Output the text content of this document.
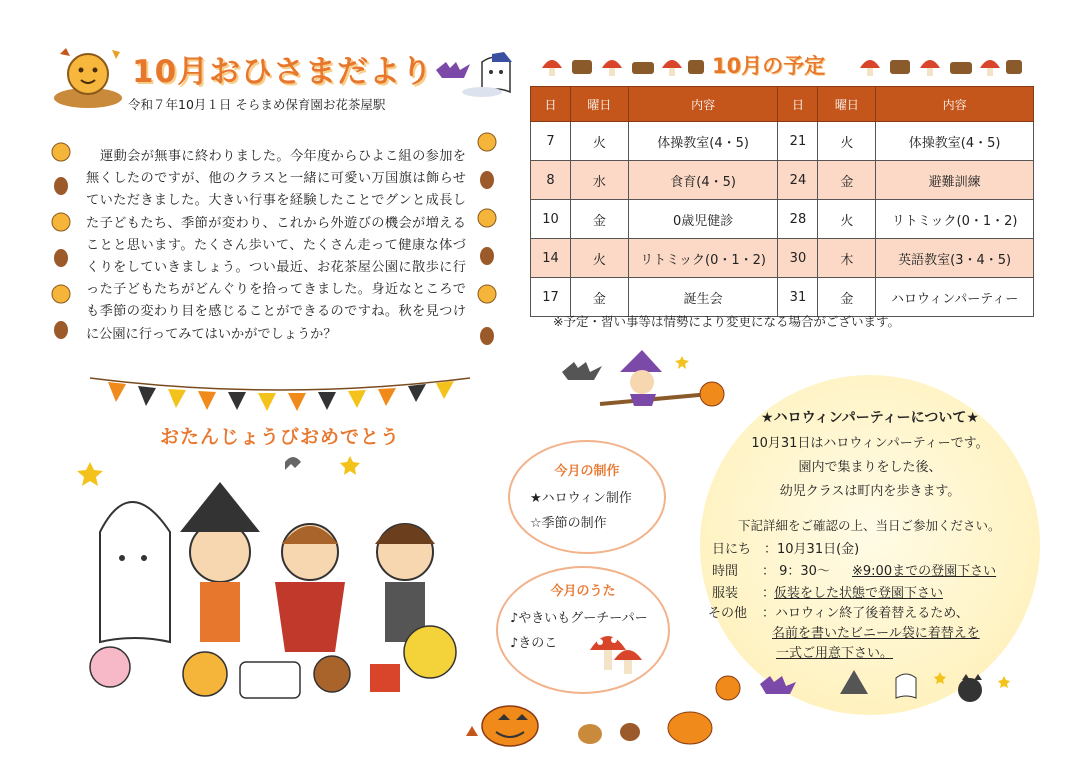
10月おひさまだより
令和７年10月１日 そらまめ保育園お花茶屋駅
運動会が無事に終わりました。今年度からひよこ組の参加を無くしたのですが、他のクラスと一緒に可愛い万国旗は飾らせていただきました。大きい行事を経験したことでグンと成長した子どもたち、季節が変わり、これから外遊びの機会が増えることと思います。たくさん歩いて、たくさん走って健康な体づくりをしていきましょう。つい最近、お花茶屋公園に散歩に行った子どもたちがどんぐりを拾ってきました。身近なところでも季節の変わり目を感じることができるのですね。秋を見つけに公園に行ってみてはいかがでしょうか？
10月の予定
日	曜日	内容	日	曜日	内容
7	火	体操教室(4・5)	21	火	体操教室(4・5)
8	水	食育(4・5)	24	金	避難訓練
10	金	0歳児健診	28	火	リトミック(0・1・2)
14	火	リトミック(0・1・2)	30	木	英語教室(3・4・5)
17	金	誕生会	31	金	ハロウィンパーティー
※予定・習い事等は情勢により変更になる場合がございます。
おたんじょうびおめでとう
今月の制作
★ハロウィン制作
☆季節の制作
今月のうた
♪やきいもグーチーパー
♪きのこ
★ハロウィンパーティーについて★
10月31日はハロウィンパーティーです。
園内で集まりをした後、
幼児クラスは町内を歩きます。
下記詳細をご確認の上、当日ご参加ください。
日にち ：10月31日(金)
時間 ： 9：30～ ※9:00までの登園下さい
服装 ：
仮装をした状態で登園下さい
その他 ：ハロウィン終了後着替えるため、
名前を書いたビニール袋に着替えを
一式ご用意下さい。
